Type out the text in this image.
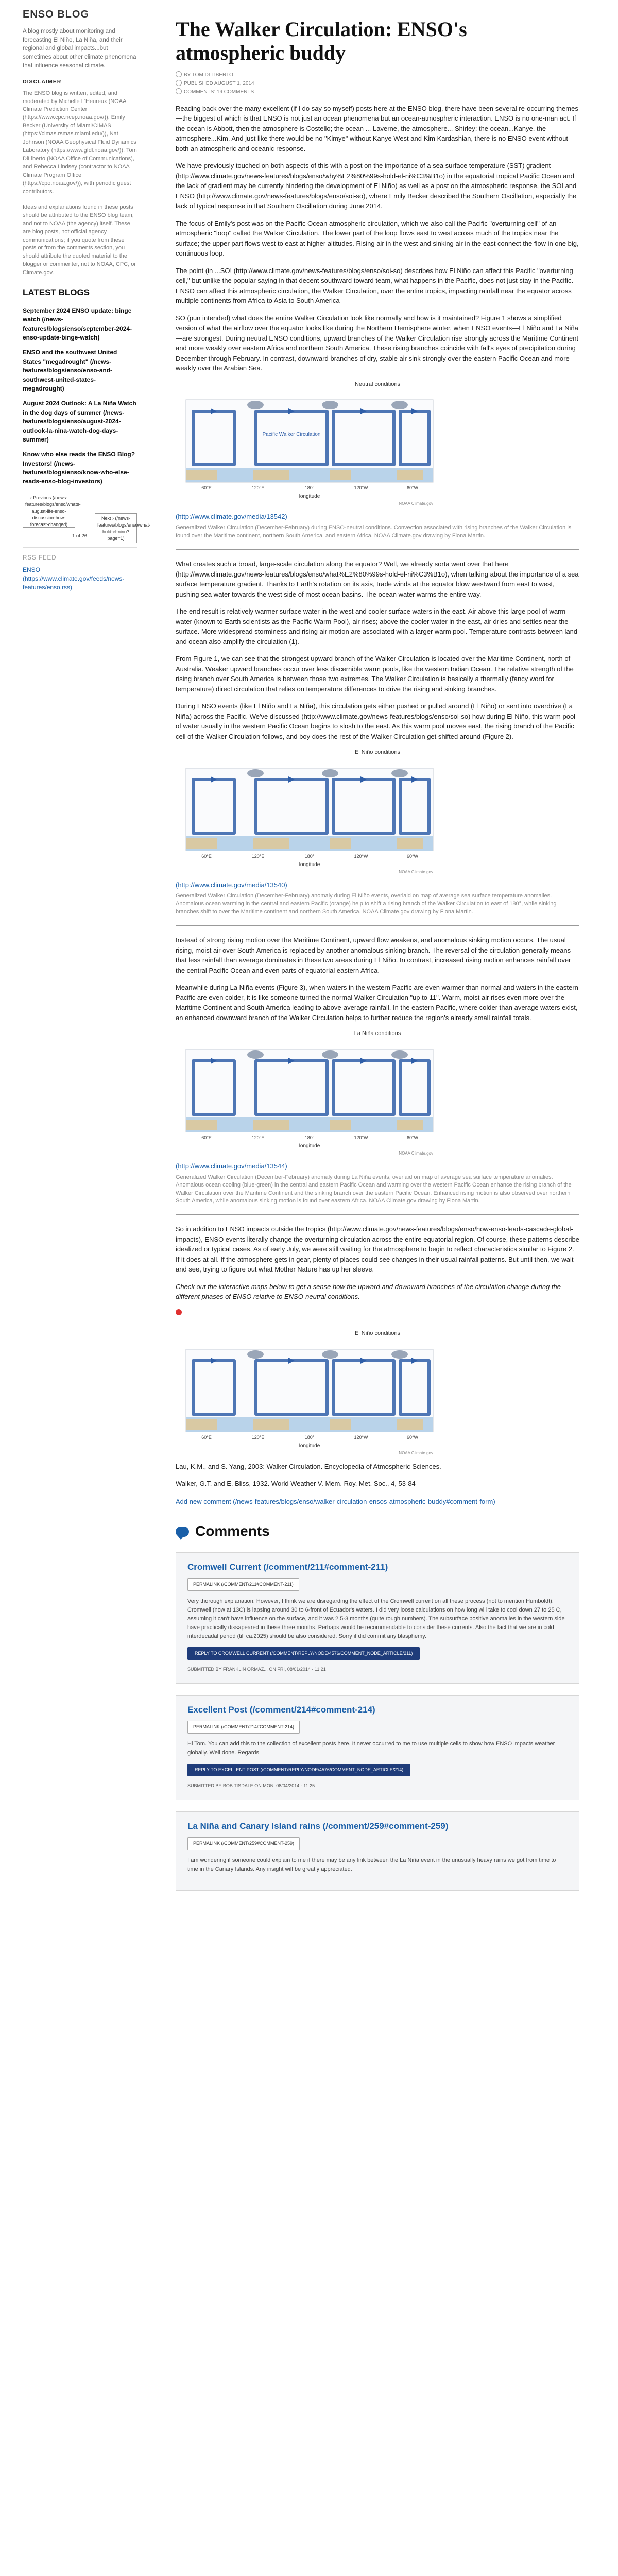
ENSO BLOG

A blog mostly about monitoring and forecasting El Niño, La Niña, and their regional and global impacts...but sometimes about other climate phenomena that influence seasonal climate.

DISCLAIMER

The ENSO blog is written, edited, and moderated by Michelle L'Heureux (NOAA Climate Prediction Center (https://www.cpc.ncep.noaa.gov/)), Emily Becker (University of Miami/CIMAS (https://cimas.rsmas.miami.edu/)), Nat Johnson (NOAA Geophysical Fluid Dynamics Laboratory (https://www.gfdl.noaa.gov/)), Tom DiLiberto (NOAA Office of Communications), and Rebecca Lindsey (contractor to NOAA Climate Program Office (https://cpo.noaa.gov/)), with periodic guest contributors.

Ideas and explanations found in these posts should be attributed to the ENSO blog team, and not to NOAA (the agency) itself. These are blog posts, not official agency communications; if you quote from these posts or from the comments section, you should attribute the quoted material to the blogger or commenter, not to NOAA, CPC, or Climate.gov.

LATEST BLOGS
September 2024 ENSO update: binge watch (/news-features/blogs/enso/september-2024-enso-update-binge-watch)
ENSO and the southwest United States "megadrought" (/news-features/blogs/enso/enso-and-southwest-united-states-megadrought)
August 2024 Outlook: A La Niña Watch in the dog days of summer (/news-features/blogs/enso/august-2024-outlook-la-nina-watch-dog-days-summer)
Know who else reads the ENSO Blog? Investors! (/news-features/blogs/enso/know-who-else-reads-enso-blog-investors)
‹ Previous (/news-features/blogs/enso/whats-august-life-enso-discussion-how-forecast-changed)
Next › (/news-features/blogs/enso/what-hold-el-nino?page=1)
1 of 26
RSS FEED
ENSO (https://www.climate.gov/feeds/news-features/enso.rss)
The Walker Circulation: ENSO's atmospheric buddy
BY TOM DI LIBERTO
PUBLISHED AUGUST 1, 2014
COMMENTS: 19 COMMENTS

Reading back over the many excellent (if I do say so myself) posts here at the ENSO blog, there have been several re-occurring themes—the biggest of which is that ENSO is not just an ocean phenomena but an ocean-atmospheric interaction. ENSO is no one-man act. If the ocean is Abbott, then the atmosphere is Costello; the ocean ... Laverne, the atmosphere... Shirley; the ocean...Kanye, the atmosphere...Kim. And just like there would be no "Kimye" without Kanye West and Kim Kardashian, there is no ENSO event without both an atmospheric and oceanic response.

We have previously touched on both aspects of this with a post on the importance of a sea surface temperature (SST) gradient (http://www.climate.gov/news-features/blogs/enso/why%E2%80%99s-hold-el-ni%C3%B1o) in the equatorial tropical Pacific Ocean and the lack of gradient may be currently hindering the development of El Niño) as well as a post on the atmospheric response, the SOI and ENSO (http://www.climate.gov/news-features/blogs/enso/soi-so), where Emily Becker described the Southern Oscillation, especially the lack of typical response in that Southern Oscillation during June 2014.

The focus of Emily's post was on the Pacific Ocean atmospheric circulation, which we also call the Pacific "overturning cell" of an atmospheric "loop" called the Walker Circulation. The lower part of the loop flows east to west across much of the tropics near the surface; the upper part flows west to east at higher altitudes. Rising air in the west and sinking air in the east connect the flow in one big, continuous loop.

The point (in ...SO! (http://www.climate.gov/news-features/blogs/enso/soi-so) describes how El Niño can affect this Pacific "overturning cell," but unlike the popular saying in that decent southward toward team, what happens in the Pacific, does not just stay in the Pacific. ENSO can affect this atmospheric circulation, the Walker Circulation, over the entire tropics, impacting rainfall near the equator across multiple continents from Africa to Asia to South America

SO (pun intended) what does the entire Walker Circulation look like normally and how is it maintained? Figure 1 shows a simplified version of what the airflow over the equator looks like during the Northern Hemisphere winter, when ENSO events—El Niño and La Niña—are strongest. During neutral ENSO conditions, upward branches of the Walker Circulation rise strongly across the Maritime Continent and more weakly over eastern Africa and northern South America. These rising branches coincide with fall's eyes of precipitation during December through February. In contrast, downward branches of dry, stable air sink strongly over the eastern Pacific Ocean and more weakly over the Arabian Sea.

Neutral conditions
Pacific Walker Circulation
60°E	120°E	180°	120°W	60°W
longitude
NOAA Climate.gov
(http://www.climate.gov/media/13542)
Generalized Walker Circulation (December-February) during ENSO-neutral conditions. Convection associated with rising branches of the Walker Circulation is found over the Maritime continent, northern South America, and eastern Africa. NOAA Climate.gov drawing by Fiona Martin.

What creates such a broad, large-scale circulation along the equator? Well, we already sorta went over that here (http://www.climate.gov/news-features/blogs/enso/what%E2%80%99s-hold-el-ni%C3%B1o), when talking about the importance of a sea surface temperature gradient. Thanks to Earth's rotation on its axis, trade winds at the equator blow westward from east to west, pushing sea water towards the west side of most ocean basins. The ocean water warms the entire way.

The end result is relatively warmer surface water in the west and cooler surface waters in the east. Air above this large pool of warm water (known to Earth scientists as the Pacific Warm Pool), air rises; above the cooler water in the east, air dries and settles near the surface. More widespread storminess and rising air motion are associated with a larger warm pool. Temperature contrasts between land and ocean also amplify the circulation (1).

From Figure 1, we can see that the strongest upward branch of the Walker Circulation is located over the Maritime Continent, north of Australia. Weaker upward branches occur over less discernible warm pools, like the western Indian Ocean. The relative strength of the rising branch over South America is between those two extremes. The Walker Circulation is basically a thermally (fancy word for temperature) direct circulation that relies on temperature differences to drive the rising and sinking branches.

During ENSO events (like El Niño and La Niña), this circulation gets either pushed or pulled around (El Niño) or sent into overdrive (La Niña) across the Pacific. We've discussed (http://www.climate.gov/news-features/blogs/enso/soi-so) how during El Niño, this warm pool of water usually in the western Pacific Ocean begins to slosh to the east. As this warm pool moves east, the rising branch of the Pacific cell of the Walker Circulation follows, and boy does the rest of the Walker Circulation get shifted around (Figure 2).

El Niño conditions
60°E	120°E	180°	120°W	60°W
longitude
NOAA Climate.gov
(http://www.climate.gov/media/13540)
Generalized Walker Circulation (December-February) anomaly during El Niño events, overlaid on map of average sea surface temperature anomalies. Anomalous ocean warming in the central and eastern Pacific (orange) help to shift a rising branch of the Walker Circulation to east of 180°, while sinking branches shift to over the Maritime continent and northern South America. NOAA Climate.gov drawing by Fiona Martin.

Instead of strong rising motion over the Maritime Continent, upward flow weakens, and anomalous sinking motion occurs. The usual rising, moist air over South America is replaced by another anomalous sinking branch. The reversal of the circulation generally means that less rainfall than average dominates in these two areas during El Niño. In contrast, increased rising motion enhances rainfall over the central Pacific Ocean and even parts of equatorial eastern Africa.

Meanwhile during La Niña events (Figure 3), when waters in the western Pacific are even warmer than normal and waters in the eastern Pacific are even colder, it is like someone turned the normal Walker Circulation "up to 11". Warm, moist air rises even more over the Maritime Continent and South America leading to above-average rainfall. In the eastern Pacific, where colder than average waters exist, an enhanced downward branch of the Walker Circulation helps to further reduce the region's already small rainfall totals.

La Niña conditions
60°E	120°E	180°	120°W	60°W
longitude
NOAA Climate.gov
(http://www.climate.gov/media/13544)
Generalized Walker Circulation (December-February) anomaly during La Niña events, overlaid on map of average sea surface temperature anomalies. Anomalous ocean cooling (blue-green) in the central and eastern Pacific Ocean and warming over the western Pacific Ocean enhance the rising branch of the Walker Circulation over the Maritime Continent and the sinking branch over the eastern Pacific Ocean. Enhanced rising motion is also observed over northern South America, while anomalous sinking motion is found over eastern Africa. NOAA Climate.gov drawing by Fiona Martin.

So in addition to ENSO impacts outside the tropics (http://www.climate.gov/news-features/blogs/enso/how-enso-leads-cascade-global-impacts), ENSO events literally change the overturning circulation across the entire equatorial region. Of course, these patterns describe idealized or typical cases. As of early July, we were still waiting for the atmosphere to begin to reflect characteristics similar to Figure 2. If it does at all. If the atmosphere gets in gear, plenty of places could see changes in their usual rainfall patterns. But until then, we wait and see, trying to figure out what Mother Nature has up her sleeve.

Check out the interactive maps below to get a sense how the upward and downward branches of the circulation change during the different phases of ENSO relative to ENSO-neutral conditions.

El Niño conditions
60°E	120°E	180°	120°W	60°W
longitude
NOAA Climate.gov

Lau, K.M., and S. Yang, 2003: Walker Circulation. Encyclopedia of Atmospheric Sciences.

Walker, G.T. and E. Bliss, 1932. World Weather V. Mem. Roy. Met. Soc., 4, 53-84

Add new comment (/news-features/blogs/enso/walker-circulation-ensos-atmospheric-buddy#comment-form)
Comments
Cromwell Current (/comment/211#comment-211)
PERMALINK (/COMMENT/211#COMMENT-211)
Very thorough explanation. However, I think we are disregarding the effect of the Cromwell current on all these process (not to mention Humboldt). Cromwell (now at 13C) is lapsing around 30 to 6-front of Ecuador's waters. I did very loose calculations on how long will take to cool down 27 to 25 C, assuming it can't have influence on the surface, and it was 2.5-3 months (quite rough numbers). The subsurface positive anomalies in the western side have practically dissapeared in these three months. Perhaps would be recommendable to consider these currents. Also the fact that we are in cold interdecadal period (till ca.2025) should be also considered. Sorry if did commit any blasphemy.
REPLY TO CROMWELL CURRENT (/COMMENT/REPLY/NODE/4576/COMMENT_NODE_ARTICLE/211)
SUBMITTED BY FRANKLIN ORMAZ... ON FRI, 08/01/2014 - 11:21
Excellent Post (/comment/214#comment-214)
PERMALINK (/COMMENT/214#COMMENT-214)
Hi Tom. You can add this to the collection of excellent posts here. It never occurred to me to use multiple cells to show how ENSO impacts weather globally. Well done. Regards
REPLY TO EXCELLENT POST (/COMMENT/REPLY/NODE/4576/COMMENT_NODE_ARTICLE/214)
SUBMITTED BY BOB TISDALE ON MON, 08/04/2014 - 11:25
La Niña and Canary Island rains (/comment/259#comment-259)
PERMALINK (/COMMENT/259#COMMENT-259)
I am wondering if someone could explain to me if there may be any link between the La Niña event in the unusually heavy rains we got from time to time in the Canary Islands. Any insight will be greatly appreciated.
